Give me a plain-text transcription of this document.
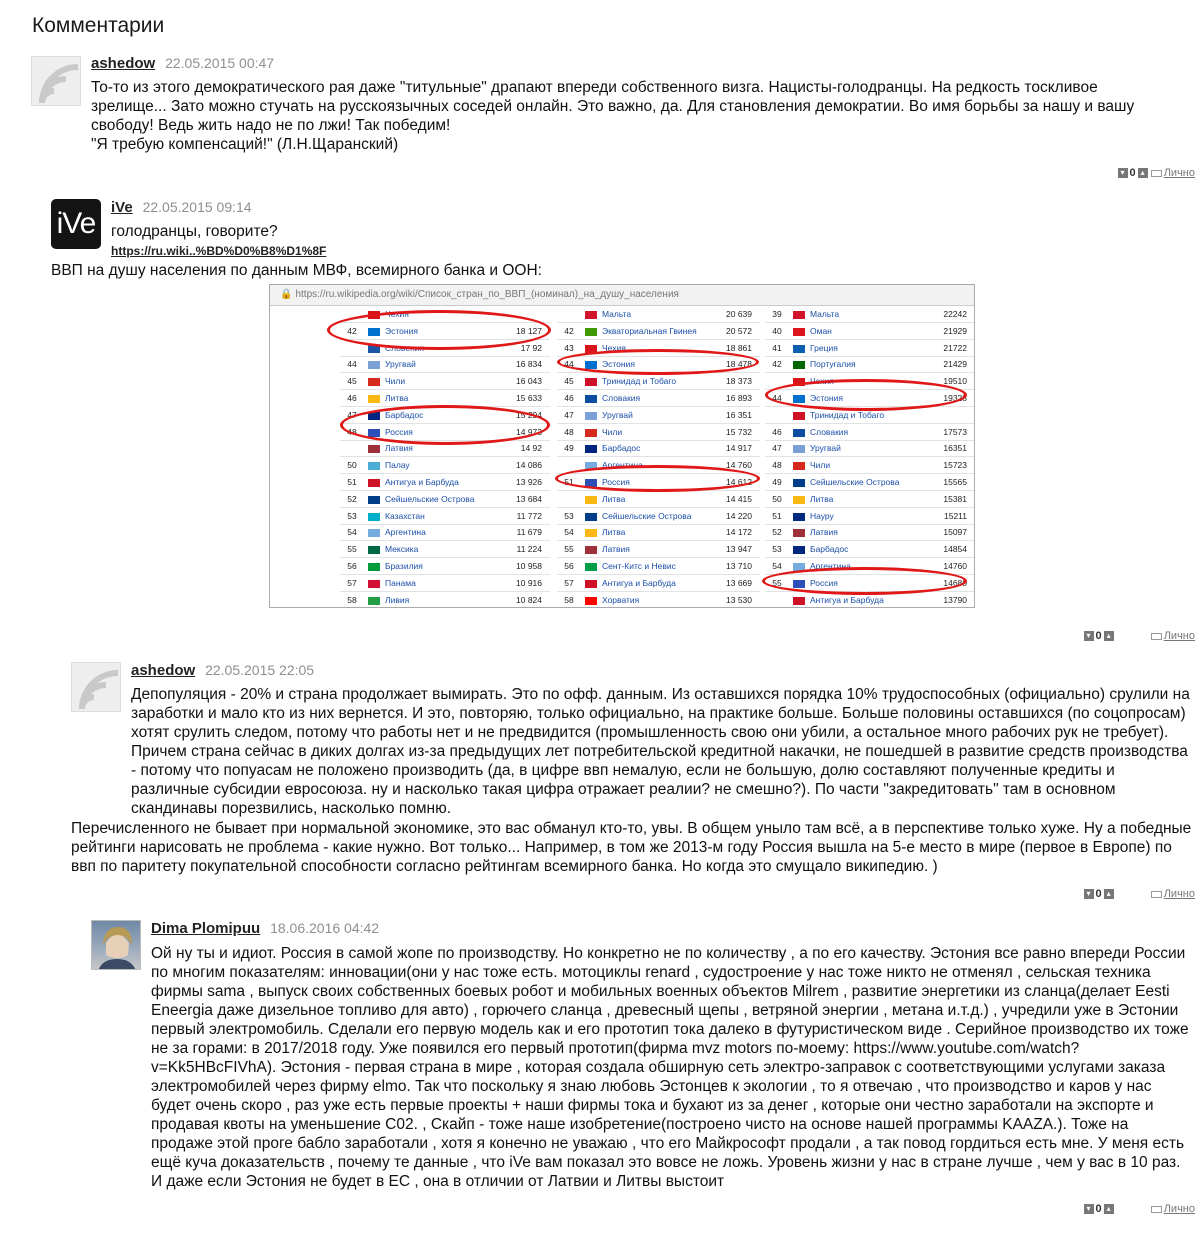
Комментарии
ashedow 22.05.2015 00:47

То-то из этого демократического рая даже "титульные" драпают впереди собственного визга. Нацисты-голодранцы. На редкость тоскливое зрелище... Зато можно стучать на русскоязычных соседей онлайн. Это важно, да. Для становления демократии. Во имя борьбы за нашу и вашу свободу! Ведь жить надо не по лжи! Так победим!

"Я требую компенсаций!" (Л.Н.Щаранский)

▾ 0 ▴ Лично
iVe	iVe 22.05.2015 09:14
голодранцы, говорите?
https://ru.wiki..%BD%D0%B8%D1%8F
ВВП на душу населения по данным МВФ, всемирного банка и ООН:
🔒 https://ru.wikipedia.org/wiki/Список_стран_по_ВВП_(номинал)_на_душу_населения
Чехия
42	Эстония	18 127
Словения	17 92
44	Уругвай	16 834
45	Чили	16 043
46	Литва	15 633
47	Барбадос	15 294
48	Россия	14 973
Латвия	14 92
50	Палау	14 086
51	Антигуа и Барбуда	13 926
52	Сейшельские Острова	13 684
53	Казахстан	11 772
54	Аргентина	11 679
55	Мексика	11 224
56	Бразилия	10 958
57	Панама	10 916
58	Ливия	10 824
Мальта	20 639
42	Экваториальная Гвинея	20 572
43	Чехия	18 861
44	Эстония	18 478
45	Тринидад и Тобаго	18 373
46	Словакия	16 893
47	Уругвай	16 351
48	Чили	15 732
49	Барбадос	14 917
Аргентина	14 760
51	Россия	14 612
Литва	14 415
53	Сейшельские Острова	14 220
54	Литва	14 172
55	Латвия	13 947
56	Сент-Китс и Невис	13 710
57	Антигуа и Барбуда	13 669
58	Хорватия	13 530
39	Мальта	22242
40	Оман	21929
41	Греция	21722
42	Португалия	21429
Чехия	19510
44	Эстония	19328
Тринидад и Тобаго
46	Словакия	17573
47	Уругвай	16351
48	Чили	15723
49	Сейшельские Острова	15565
50	Литва	15381
51	Науру	15211
52	Латвия	15097
53	Барбадос	14854
54	Аргентина	14760
55	Россия	14680
Антигуа и Барбуда	13790
▾ 0 ▴	Лично
ashedow 22.05.2015 22:05

Депопуляция - 20% и страна продолжает вымирать. Это по офф. данным. Из оставшихся порядка 10% трудоспособных (официально) срулили на заработки и мало кто из них вернется. И это, повторяю, только официально, на практике больше. Больше половины оставшихся (по соцопросам) хотят срулить следом, потому что работы нет и не предвидится (промышленность свою они убили, а остальное много рабочих рук не требует). Причем страна сейчас в диких долгах из-за предыдущих лет потребительской кредитной накачки, не пошедшей в развитие средств производства - потому что попуасам не положено производить (да, в цифре ввп немалую, если не большую, долю составляют полученные кредиты и различные субсидии евросоюза. ну и насколько такая цифра отражает реалии? не смешно?). По части "закредитовать" там в основном скандинавы порезвились, насколько помню.

Перечисленного не бывает при нормальной экономике, это вас обманул кто-то, увы. В общем уныло там всё, а в перспективе только хуже. Ну а победные рейтинги нарисовать не проблема - какие нужно. Вот только... Например, в том же 2013-м году Россия вышла на 5-е место в мире (первое в Европе) по ввп по паритету покупательной способности согласно рейтингам всемирного банка. Но когда это смущало википедию. )

▾ 0 ▴	Лично
Dima Plomipuu 18.06.2016 04:42

Ой ну ты и идиот. Россия в самой жопе по производству. Но конкретно не по количеству , а по его качеству. Эстония все равно впереди России по многим показателям: инновации(они у нас тоже есть. мотоциклы renard , судостроение у нас тоже никто не отменял , сельская техника фирмы sama , выпуск своих собственных боевых робот и мобильных военных объектов Milrem , развитие энергетики из сланца(делает Eesti Eneergia даже дизельное топливо для авто) , горючего сланца , древесный щепы , ветряной энергии , метана и.т.д.) , учредили уже в Эстонии первый электромобиль. Сделали его первую модель как и его прототип тока далеко в футуристическом виде . Серийное производство их тоже не за горами: в 2017/2018 году. Уже появился его первый прототип(фирма mvz motors по-моему: https://www.youtube.com/watch?v=Kk5HBcFIVhA). Эстония - первая страна в мире , которая создала обширную сеть электро-заправок с соответствующими услугами заказа электромобилей через фирму elmo. Так что поскольку я знаю любовь Эстонцев к экологии , то я отвечаю , что производство и каров у нас будет очень скоро , раз уже есть первые проекты + наши фирмы тока и бухают из за денег , которые они честно заработали на экспорте и продавая квоты на уменьшение C02. , Скайп - тоже наше изобретение(построено чисто на основе нашей программы KAAZA.). Тоже на продаже этой проге бабло заработали , хотя я конечно не уважаю , что его Майкрософт продали , а так повод гордиться есть мне. У меня есть ещё куча доказательств , почему те данные , что iVe вам показал это вовсе не ложь. Уровень жизни у нас в стране лучше , чем у вас в 10 раз. И даже если Эстония не будет в ЕС , она в отличии от Латвии и Литвы выстоит

▾ 0 ▴	Лично
